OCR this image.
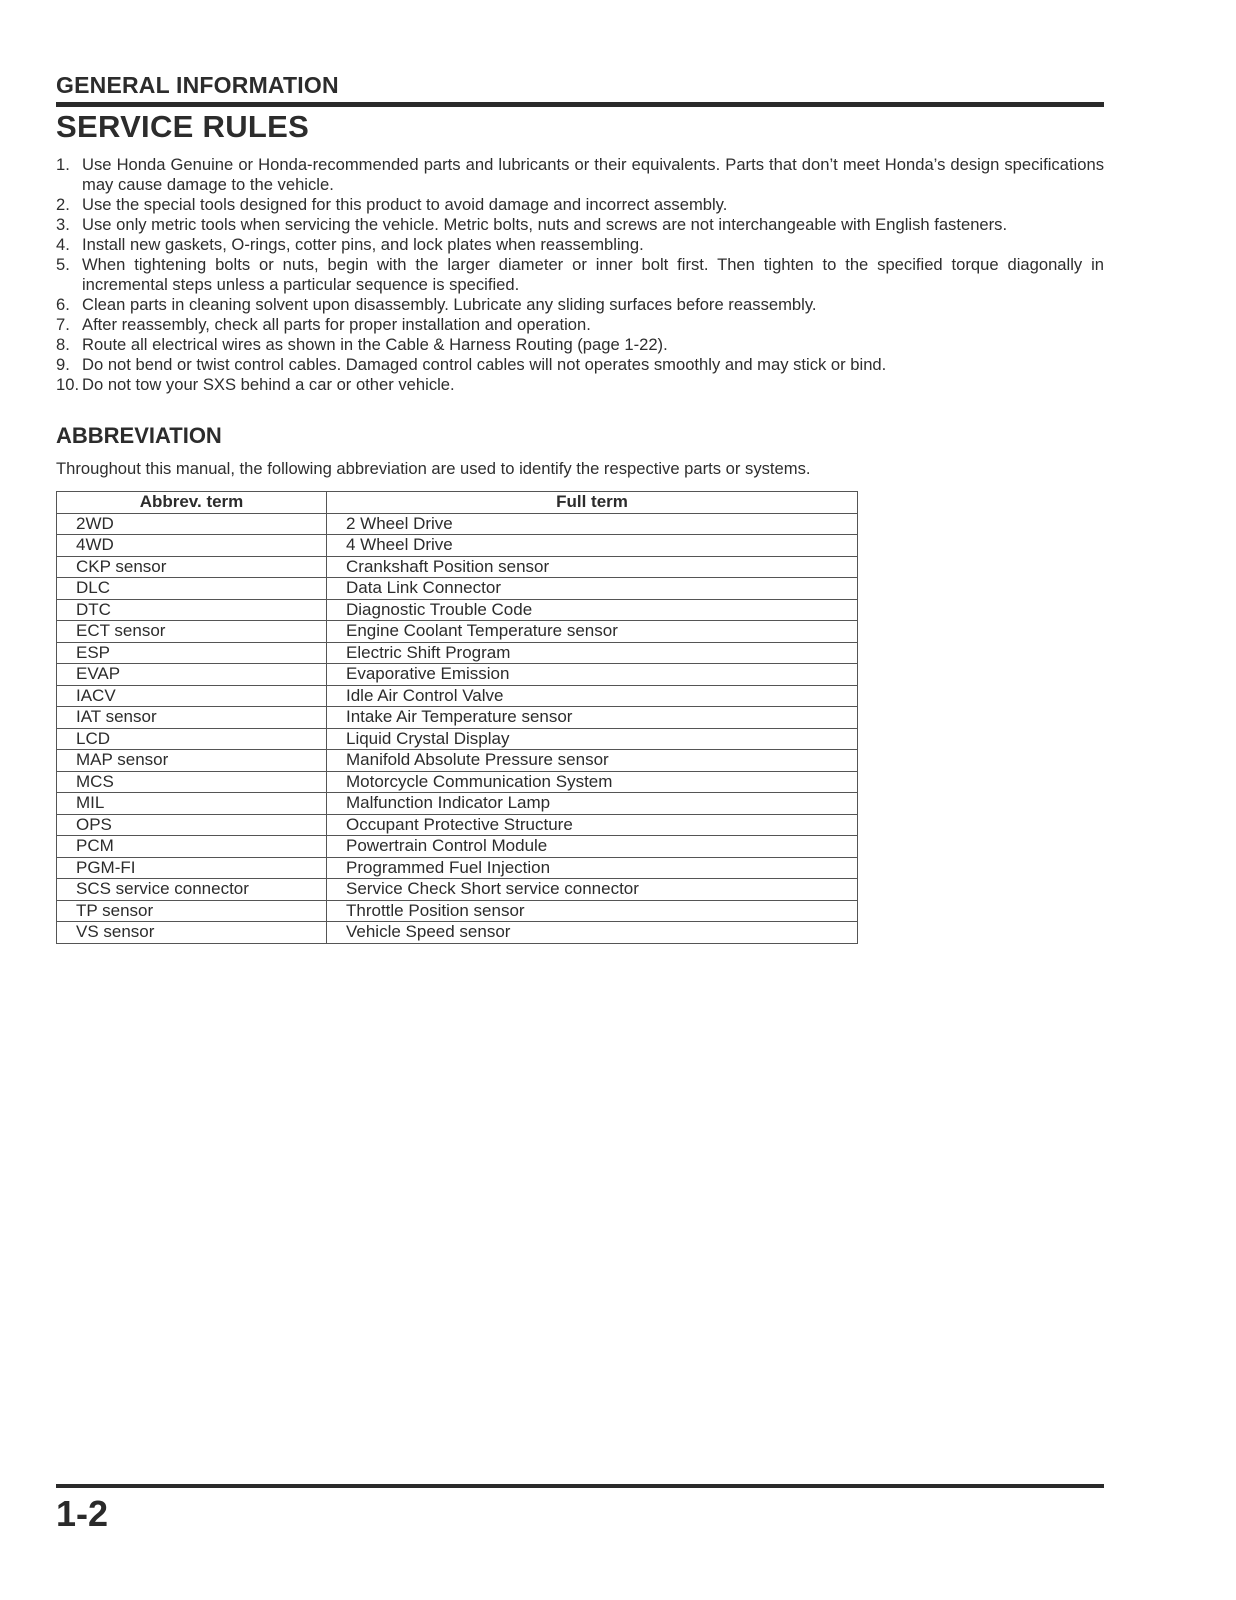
GENERAL INFORMATION
SERVICE RULES
1. Use Honda Genuine or Honda-recommended parts and lubricants or their equivalents. Parts that don’t meet Honda’s design specifications may cause damage to the vehicle.
2. Use the special tools designed for this product to avoid damage and incorrect assembly.
3. Use only metric tools when servicing the vehicle. Metric bolts, nuts and screws are not interchangeable with English fasteners.
4. Install new gaskets, O-rings, cotter pins, and lock plates when reassembling.
5. When tightening bolts or nuts, begin with the larger diameter or inner bolt first. Then tighten to the specified torque diagonally in incremental steps unless a particular sequence is specified.
6. Clean parts in cleaning solvent upon disassembly. Lubricate any sliding surfaces before reassembly.
7. After reassembly, check all parts for proper installation and operation.
8. Route all electrical wires as shown in the Cable & Harness Routing (page 1-22).
9. Do not bend or twist control cables. Damaged control cables will not operates smoothly and may stick or bind.
10. Do not tow your SXS behind a car or other vehicle.
ABBREVIATION
Throughout this manual, the following abbreviation are used to identify the respective parts or systems.
Abbrev. term	Full term
2WD	2 Wheel Drive
4WD	4 Wheel Drive
CKP sensor	Crankshaft Position sensor
DLC	Data Link Connector
DTC	Diagnostic Trouble Code
ECT sensor	Engine Coolant Temperature sensor
ESP	Electric Shift Program
EVAP	Evaporative Emission
IACV	Idle Air Control Valve
IAT sensor	Intake Air Temperature sensor
LCD	Liquid Crystal Display
MAP sensor	Manifold Absolute Pressure sensor
MCS	Motorcycle Communication System
MIL	Malfunction Indicator Lamp
OPS	Occupant Protective Structure
PCM	Powertrain Control Module
PGM-FI	Programmed Fuel Injection
SCS service connector	Service Check Short service connector
TP sensor	Throttle Position sensor
VS sensor	Vehicle Speed sensor
1-2
